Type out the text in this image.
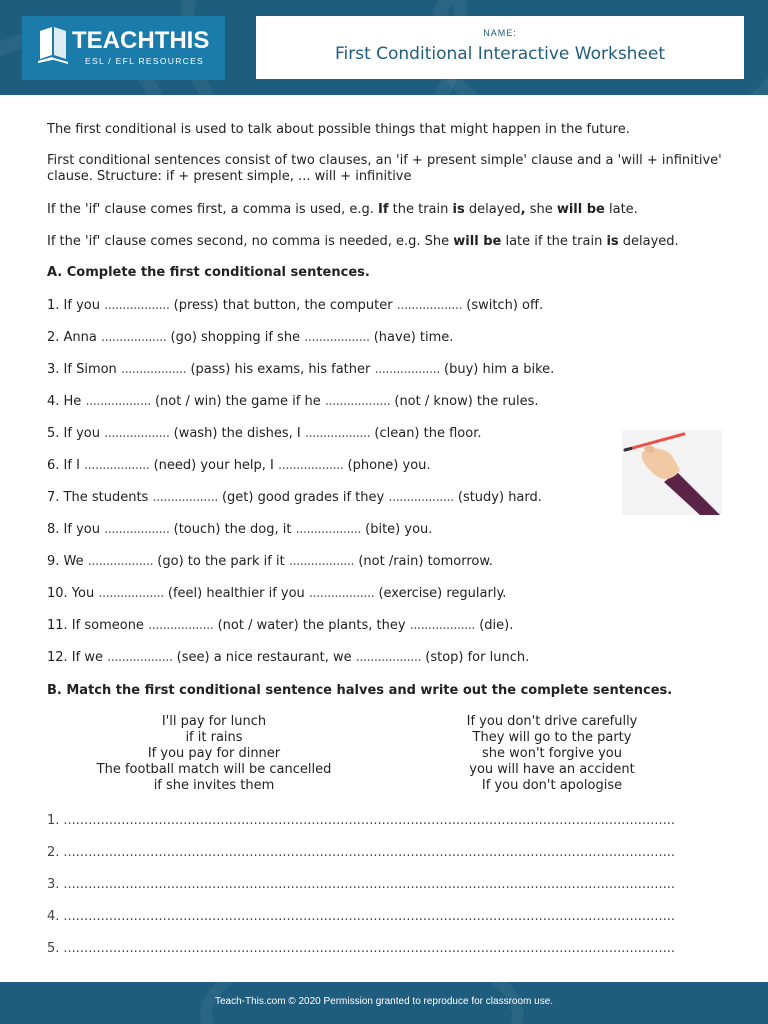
TEACHTHIS
ESL / EFL RESOURCES
NAME:
First Conditional Interactive Worksheet

The first conditional is used to talk about possible things that might happen in the future.

First conditional sentences consist of two clauses, an 'if + present simple' clause and a 'will + infinitive' clause. Structure: if + present simple, ... will + infinitive

If the 'if' clause comes first, a comma is used, e.g. If the train is delayed, she will be late.

If the 'if' clause comes second, no comma is needed, e.g. She will be late if the train is delayed.

A. Complete the first conditional sentences.

1. If you .................. (press) that button, the computer .................. (switch) off.

2. Anna .................. (go) shopping if she .................. (have) time.

3. If Simon .................. (pass) his exams, his father .................. (buy) him a bike.

4. He .................. (not / win) the game if he .................. (not / know) the rules.

5. If you .................. (wash) the dishes, I .................. (clean) the floor.

6. If I .................. (need) your help, I .................. (phone) you.

7. The students .................. (get) good grades if they .................. (study) hard.

8. If you .................. (touch) the dog, it .................. (bite) you.

9. We .................. (go) to the park if it .................. (not /rain) tomorrow.

10. You .................. (feel) healthier if you .................. (exercise) regularly.

11. If someone .................. (not / water) the plants, they .................. (die).

12. If we .................. (see) a nice restaurant, we .................. (stop) for lunch.

B. Match the first conditional sentence halves and write out the complete sentences.

I'll pay for lunch
if it rains
If you pay for dinner
The football match will be cancelled
if she invites them
If you don't drive carefully
They will go to the party
she won't forgive you
you will have an accident
If you don't apologise
1. ....................................................................................................................................................
2. ....................................................................................................................................................
3. ....................................................................................................................................................
4. ....................................................................................................................................................
5. ....................................................................................................................................................
Teach-This.com © 2020 Permission granted to reproduce for classroom use.
